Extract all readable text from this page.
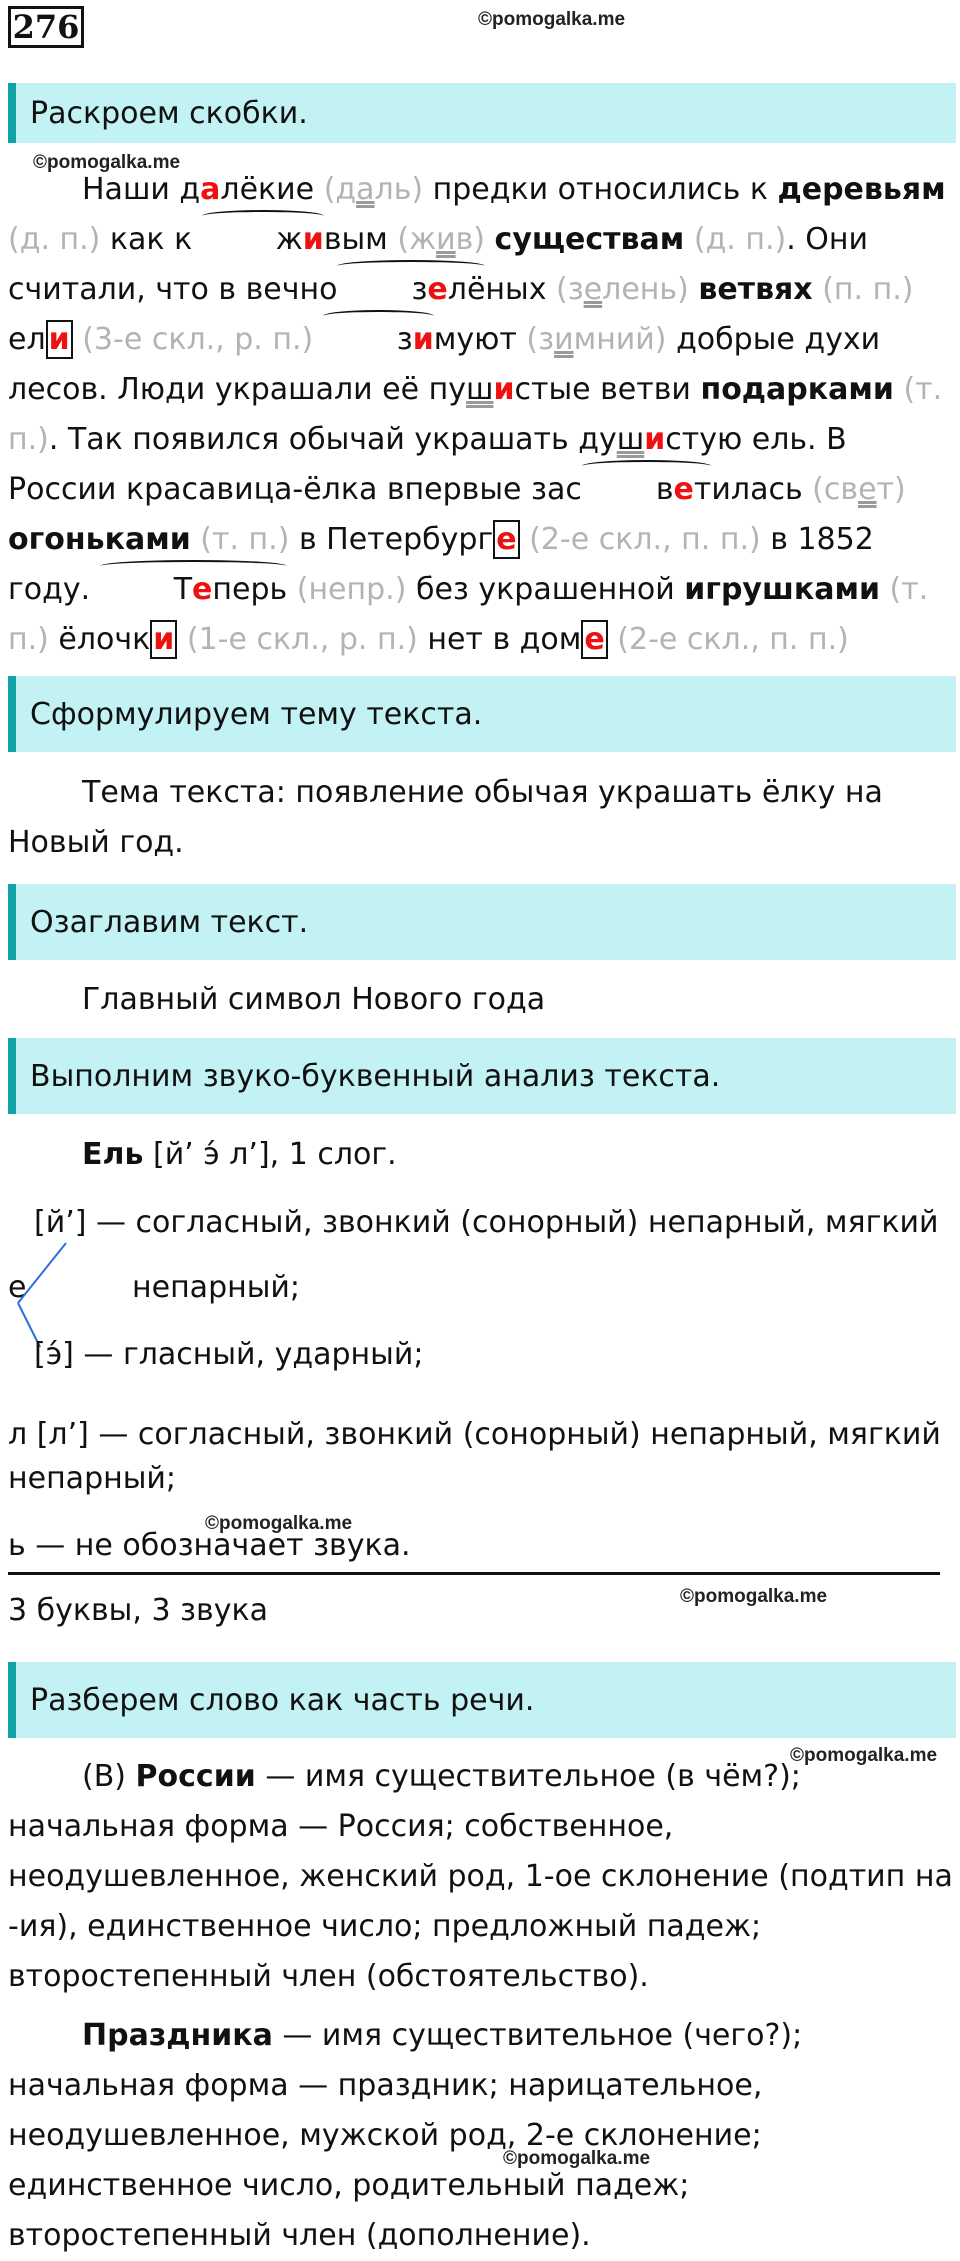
276	©pomogalka.me
Раскроем скобки.
©pomogalka.me
Наши далёкие (даль) предки относились к деревьям (д. п.) как к живым (жив) существам (д. п.). Они считали, что в вечно зелёных (зелень) ветвях (п. п.) ел и (3-е скл., р. п.)	зимуют (зимний) добрые духи лесов. Люди украшали её пушистые ветви подарками (т. п.). Так появился обычай украшать душистую ель. В России красавица-ёлка впервые зас ветилась (свет) огоньками (т. п.) в Петербург е (2-е скл., п. п.) в 1852 году.	Теперь (непр.) без украшенной игрушками (т. п.) ёлочк и (1-е скл., р. п.) нет в дом е (2-е скл., п. п.)
Сформулируем тему текста.
Тема текста: появление обычая украшать ёлку на Новый год.
Озаглавим текст.
Главный символ Нового года
Выполним звуко-буквенный анализ текста.
Ель [й’ э́ л’], 1 слог.
[й’] — согласный, звонкий (сонорный) непарный, мягкий
е	непарный;
[э́] — гласный, ударный;
л [л’] — согласный, звонкий (сонорный) непарный, мягкий
непарный;
©pomogalka.me
ь — не обозначает звука.
3 буквы, 3 звука	©pomogalka.me
Разберем слово как часть речи.
©pomogalka.me
(В) России — имя существительное (в чём?); начальная форма — Россия; собственное, неодушевленное, женский род, 1-ое склонение (подтип на -ия), единственное число; предложный падеж; второстепенный член (обстоятельство).
Праздника — имя существительное (чего?); начальная форма — праздник; нарицательное, неодушевленное, мужской род, 2-е склонение; единственное число, родительный падеж; второстепенный член (дополнение).
©pomogalka.me
